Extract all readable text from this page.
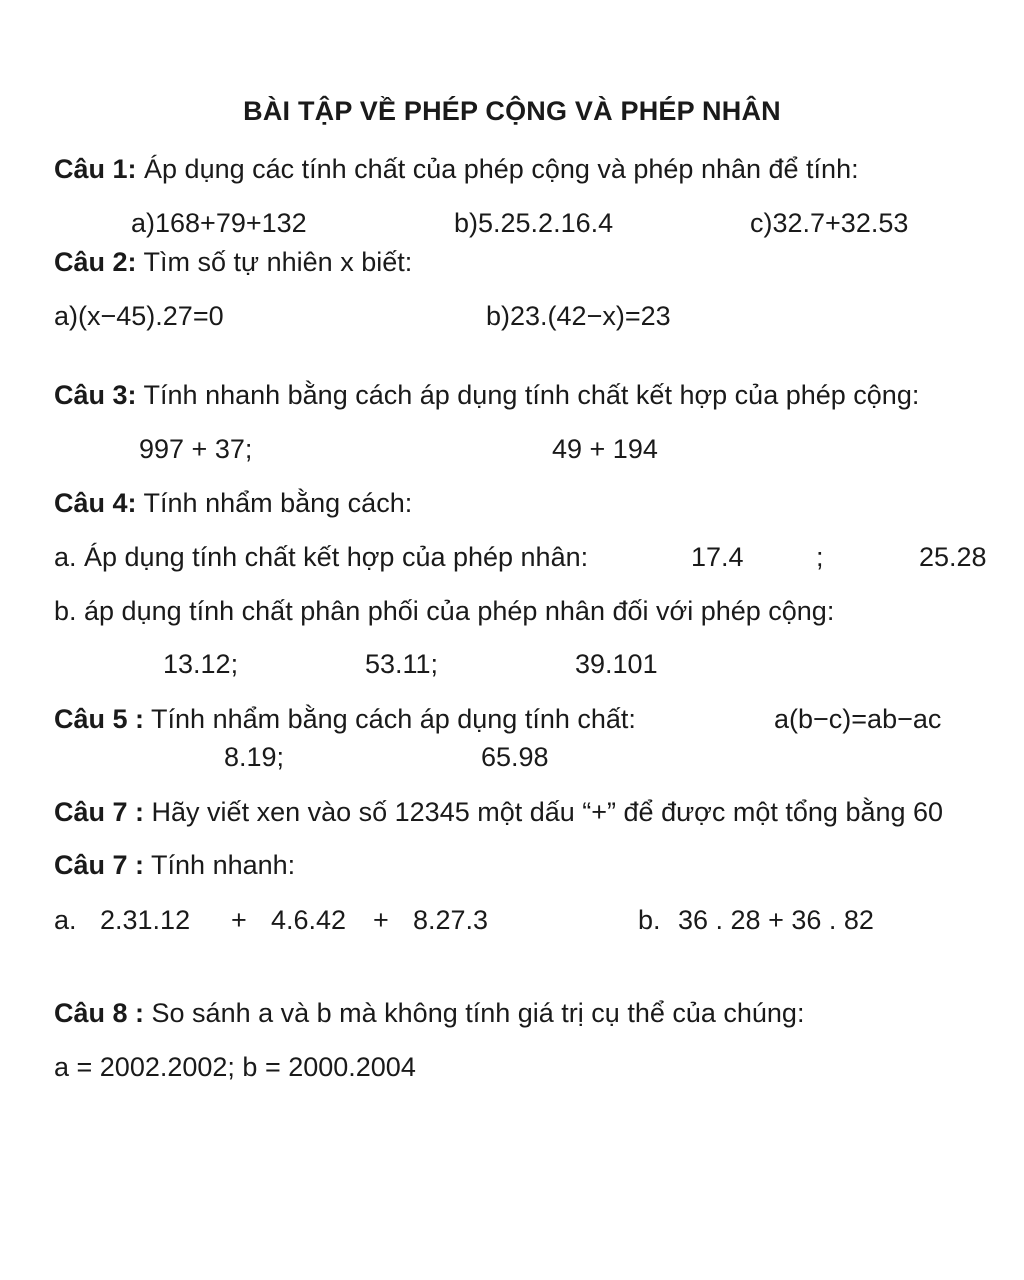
BÀI TẬP VỀ PHÉP CỘNG VÀ PHÉP NHÂN
Câu 1: Áp dụng các tính chất của phép cộng và phép nhân để tính:
a)168+79+132	b)5.25.2.16.4	c)32.7+32.53
Câu 2: Tìm số tự nhiên x biết:
a)(x−45).27=0	b)23.(42−x)=23
Câu 3: Tính nhanh bằng cách áp dụng tính chất kết hợp của phép cộng:
997 + 37;	49 + 194
Câu 4: Tính nhẩm bằng cách:
a. Áp dụng tính chất kết hợp của phép nhân:	17.4	;	25.28
b. áp dụng tính chất phân phối của phép nhân đối với phép cộng:
13.12;	53.11;	39.101
Câu 5 : Tính nhẩm bằng cách áp dụng tính chất:	a(b−c)=ab−ac
8.19;	65.98
Câu 7 : Hãy viết xen vào số 12345 một dấu “+” để được một tổng bằng 60
Câu 7 : Tính nhanh:
a. 2.31.12 + 4.6.42 + 8.27.3	b. 36 . 28 + 36 . 82
Câu 8 : So sánh a và b mà không tính giá trị cụ thể của chúng:
a = 2002.2002; b = 2000.2004
